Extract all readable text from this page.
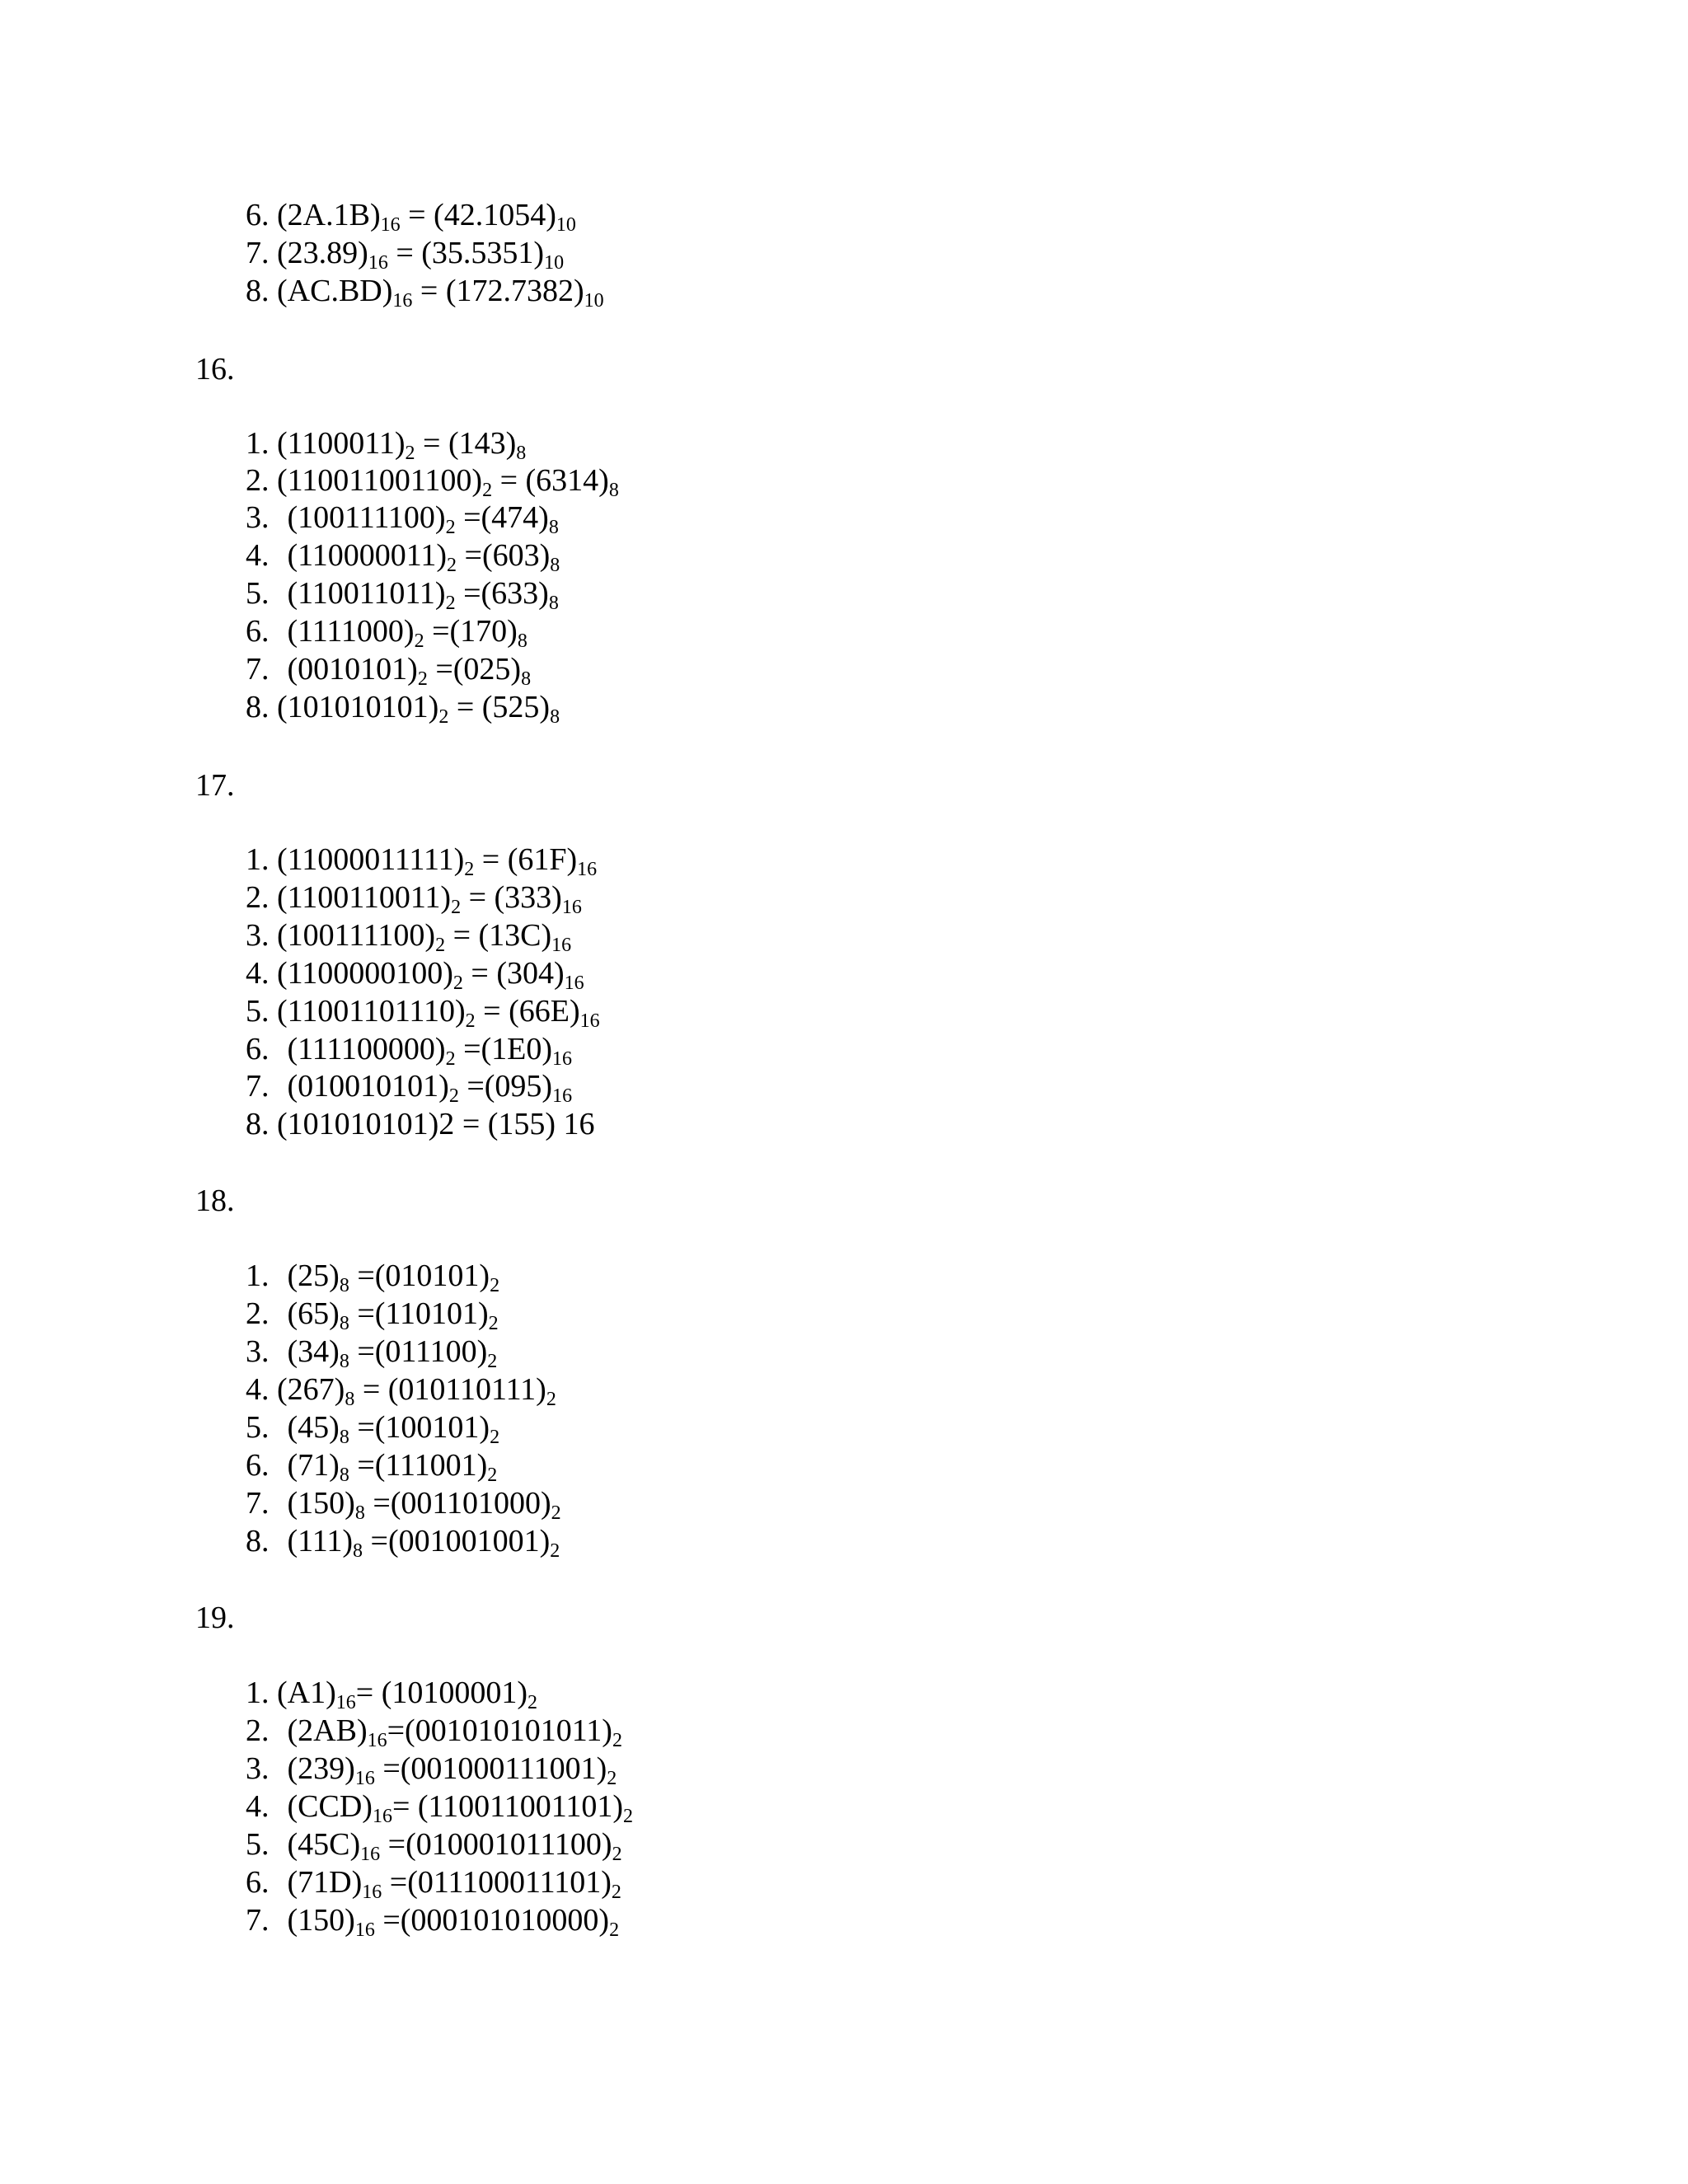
6. $(2A.1B)_{16} = (42.1054)_{10}$
7. $(23.89)_{16} = (35.5351)_{10}$
8. $(AC.BD)_{16} = (172.7382)_{10}$
16.
1. $(1100011)_2 = (143)_8$
2. $(110011001100)_2 = (6314)_8$
3. $(100111100)_2 =(474)_8$
4. $(110000011)_2 =(603)_8$
5. $(110011011)_2 =(633)_8$
6. $(1111000)_2 =(170)_8$
7. $(0010101)_2 =(025)_8$
8. $(101010101)_2 = (525)_8$
17.
1. $(11000011111)_2 = (61F)_{16}$
2. $(1100110011)_2 = (333)_{16}$
3. $(100111100)_2 = (13C)_{16}$
4. $(1100000100)_2 = (304)_{16}$
5. $(11001101110)_2 = (66E)_{16}$
6. $(111100000)_2 =(1E0)_{16}$
7. $(010010101)_2 =(095)_{16}$
8. (101010101)2 = (155) 16
18.
1. $(25)_8 =(010101)_2$
2. $(65)_8 =(110101)_2$
3. $(34)_8 =(011100)_2$
4. $(267)_8 = (010110111)_2$
5. $(45)_8 =(100101)_2$
6. $(71)_8 =(111001)_2$
7. $(150)_8 =(001101000)_2$
8. $(111)_8 =(001001001)_2$
19.
1. $(A1)_{16}= (10100001)_2$
2. $(2AB)_{16}=(001010101011)_2$
3. $(239)_{16} =(001000111001)_2$
4. $(CCD)_{16}= (110011001101)_2$
5. $(45C)_{16} =(010001011100)_2$
6. $(71D)_{16} =(011100011101)_2$
7. $(150)_{16} =(000101010000)_2$
